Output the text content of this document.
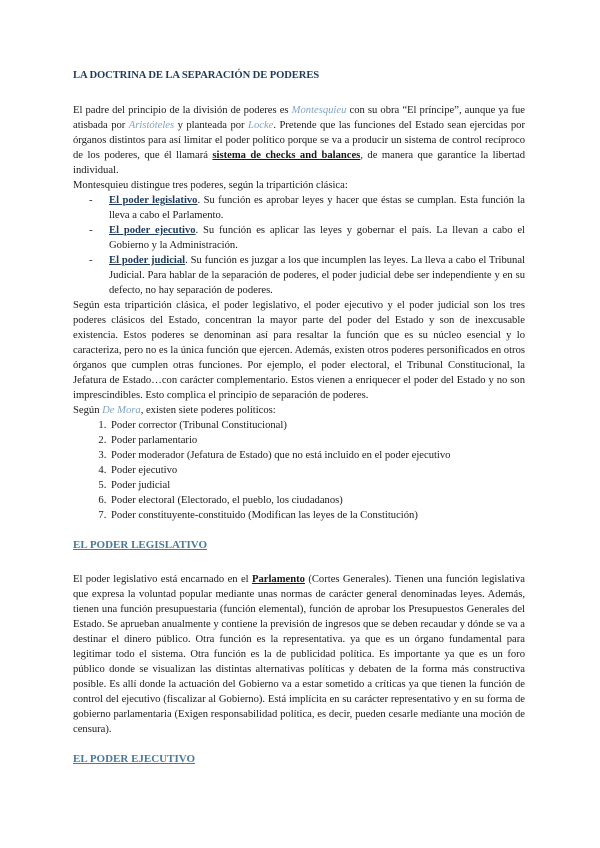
LA DOCTRINA DE LA SEPARACIÓN DE PODERES

El padre del principio de la división de poderes es Montesquieu con su obra “El príncipe”, aunque ya fue atisbada por Aristóteles y planteada por Locke. Pretende que las funciones del Estado sean ejercidas por órganos distintos para así limitar el poder político porque se va a producir un sistema de control recíproco de los poderes, que él llamará sistema de checks and balances, de manera que garantice la libertad individual.

Montesquieu distingue tres poderes, según la tripartición clásica:

- El poder legislativo. Su función es aprobar leyes y hacer que éstas se cumplan. Esta función la lleva a cabo el Parlamento.
- El poder ejecutivo. Su función es aplicar las leyes y gobernar el país. La llevan a cabo el Gobierno y la Administración.
- El poder judicial. Su función es juzgar a los que incumplen las leyes. La lleva a cabo el Tribunal Judicial. Para hablar de la separación de poderes, el poder judicial debe ser independiente y en su defecto, no hay separación de poderes.

Según esta tripartición clásica, el poder legislativo, el poder ejecutivo y el poder judicial son los tres poderes clásicos del Estado, concentran la mayor parte del poder del Estado y son de inexcusable existencia. Estos poderes se denominan así para resaltar la función que es su núcleo esencial y lo caracteriza, pero no es la única función que ejercen. Además, existen otros poderes personificados en otros órganos que cumplen otras funciones. Por ejemplo, el poder electoral, el Tribunal Constitucional, la Jefatura de Estado…con carácter complementario. Estos vienen a enriquecer el poder del Estado y no son imprescindibles. Esto complica el principio de separación de poderes.

Según De Mora, existen siete poderes políticos:

1. Poder corrector (Tribunal Constitucional)
2. Poder parlamentario
3. Poder moderador (Jefatura de Estado) que no está incluido en el poder ejecutivo
4. Poder ejecutivo
5. Poder judicial
6. Poder electoral (Electorado, el pueblo, los ciudadanos)
7. Poder constituyente-constituido (Modifican las leyes de la Constitución)
EL PODER LEGISLATIVO

El poder legislativo está encarnado en el Parlamento (Cortes Generales). Tienen una función legislativa que expresa la voluntad popular mediante unas normas de carácter general denominadas leyes. Además, tienen una función presupuestaria (función elemental), función de aprobar los Presupuestos Generales del Estado. Se aprueban anualmente y contiene la previsión de ingresos que se deben recaudar y dónde se va a destinar el dinero público. Otra función es la representativa. ya que es un órgano fundamental para legitimar todo el sistema. Otra función es la de publicidad política. Es importante ya que es un foro público donde se visualizan las distintas alternativas políticas y debaten de la forma más constructiva posible. Es allí donde la actuación del Gobierno va a estar sometido a críticas ya que tienen la función de control del ejecutivo (fiscalizar al Gobierno). Está implícita en su carácter representativo y en su forma de gobierno parlamentaria (Exigen responsabilidad política, es decir, pueden cesarle mediante una moción de censura).

EL PODER EJECUTIVO
